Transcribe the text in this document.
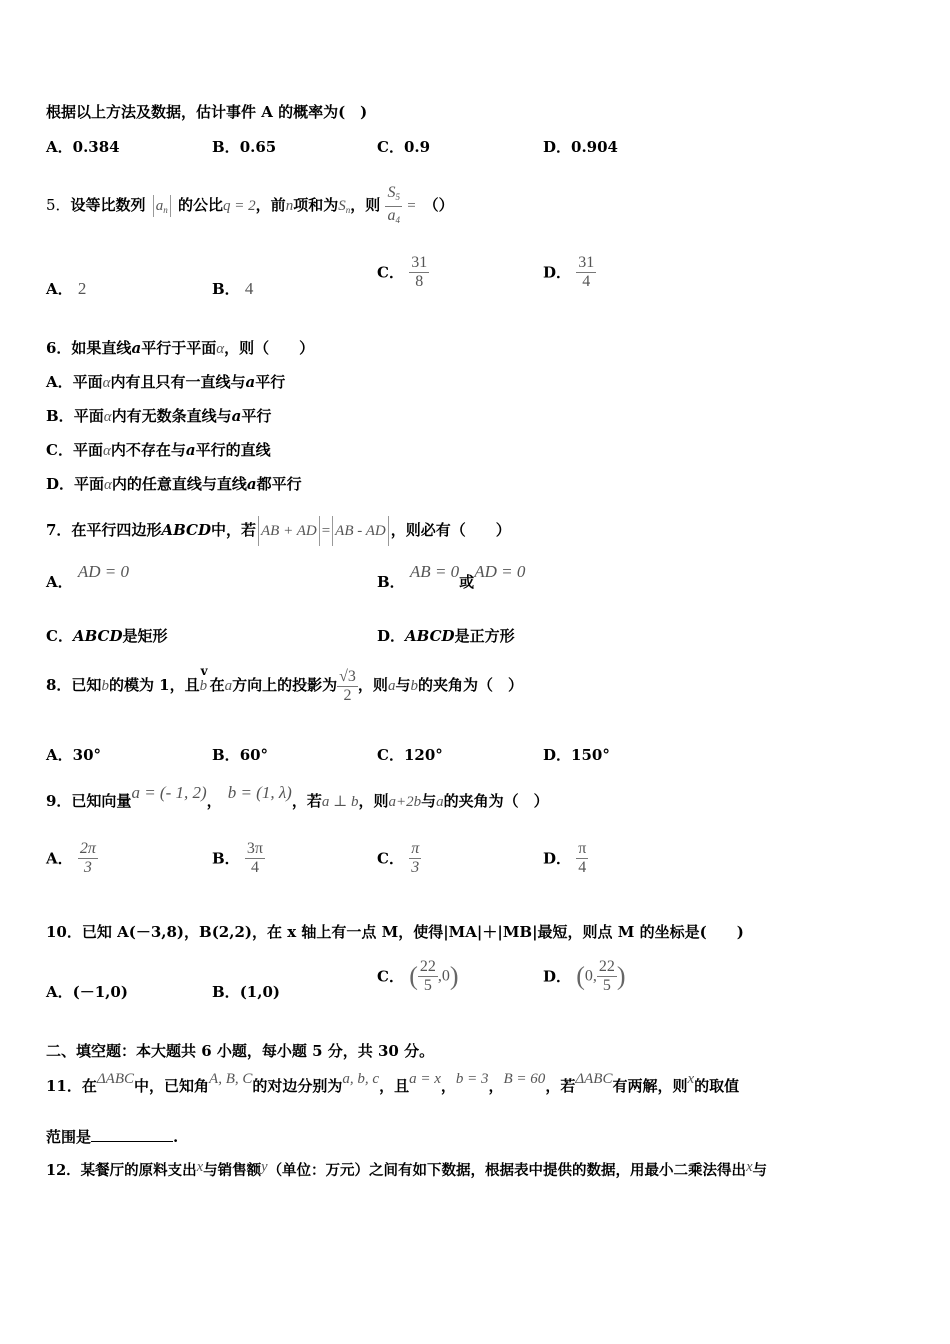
根据以上方法及数据，估计事件 A 的概率为(　)
A．0.384	B．0.65	C．0.9	D．0.904
5．设等比数列 $a_n$ 的公比q = 2，前n项和为$S_n$，则 $\frac{S_5}{a_4}$ = （）
A． 2	B． 4
C． $\frac{31}{8}$	D． $\frac{31}{4}$
6．如果直线a平行于平面α，则（　　）
A．平面α内有且只有一直线与a平行
B．平面α内有无数条直线与a平行
C．平面α内不存在与a平行的直线
D．平面α内的任意直线与直线a都平行
7．在平行四边形ABCD中，若 AB + AD = AB - AD ，则必有（　　）
A． AD = 0
B． AB = 0或AD = 0
C．ABCD是矩形	D．ABCD是正方形
8．已知b的模为 1，且
v
b 在a方向上的投影为 $\frac{√3}{2}$ ，则a与b的夹角为（　）
A．30°	B．60°	C．120°	D．150°
9．已知向量a = (- 1, 2)， b = (1, λ)，若a ⊥ b，则a+2b与a的夹角为（　）
A． $\frac{2\pi}{3}$	B． $\frac{3\pi}{4}$	C． $\frac{\pi}{3}$	D． $\frac{\pi}{4}$
10．已知 A(－3,8)，B(2,2)，在 x 轴上有一点 M，使得|MA|＋|MB|最短，则点 M 的坐标是(　　)
A．(－1,0)	B．(1,0)
C． ( $\frac{22}{5} ,0$)	D． (0, $\frac{22}{5}$ )
二、填空题：本大题共 6 小题，每小题 5 分，共 30 分。
11．在ΔABC中，已知角A, B, C的对边分别为a, b, c，且a = x，b = 3，B = 60，若ΔABC有两解，则x的取值
范围是	.
12．某餐厅的原料支出x与销售额y（单位：万元）之间有如下数据，根据表中提供的数据，用最小二乘法得出x与
